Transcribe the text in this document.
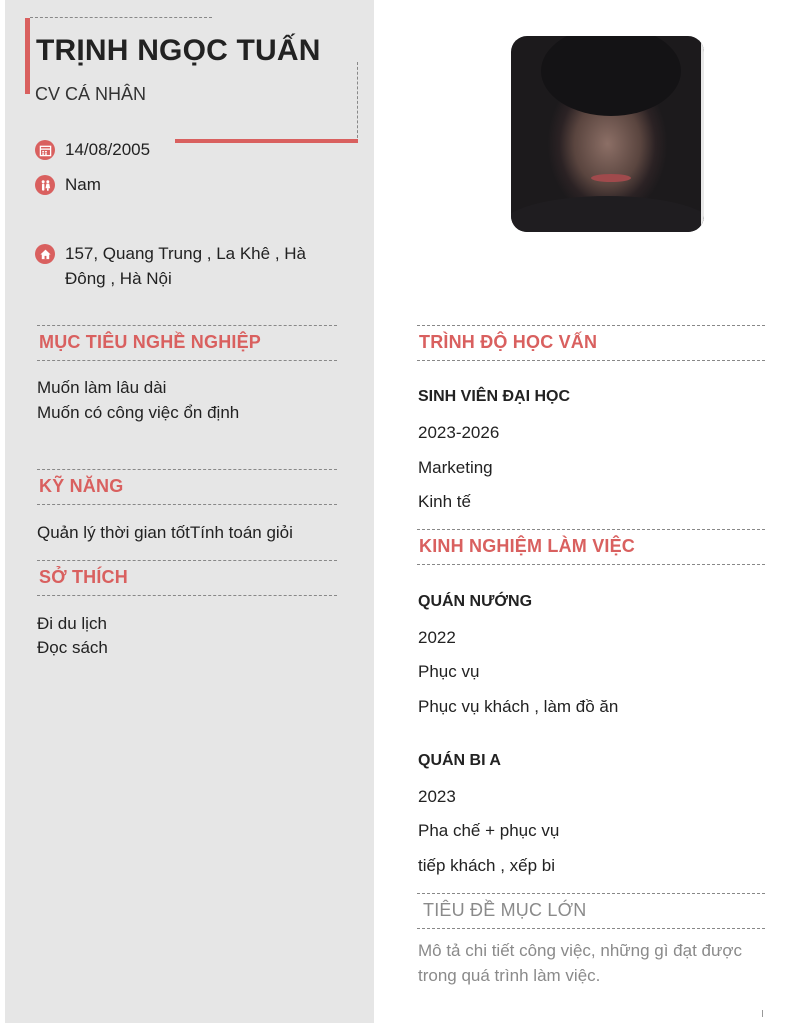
TRỊNH NGỌC TUẤN
CV CÁ NHÂN
14/08/2005
Nam
157, Quang Trung , La Khê , Hà Đông , Hà Nội
MỤC TIÊU NGHỀ NGHIỆP
Muốn làm lâu dài
Muốn có công việc ổn định
KỸ NĂNG
Quản lý thời gian tốtTính toán giỏi
SỞ THÍCH
Đi du lịch
Đọc sách
TRÌNH ĐỘ HỌC VẤN
SINH VIÊN ĐẠI HỌC
2023-2026
Marketing
Kinh tế
KINH NGHIỆM LÀM VIỆC
QUÁN NƯỚNG
2022
Phục vụ
Phục vụ khách , làm đồ ăn
QUÁN BI A
2023
Pha chế + phục vụ
tiếp khách , xếp bi
TIÊU ĐỀ MỤC LỚN
Mô tả chi tiết công việc, những gì đạt được trong quá trình làm việc.
